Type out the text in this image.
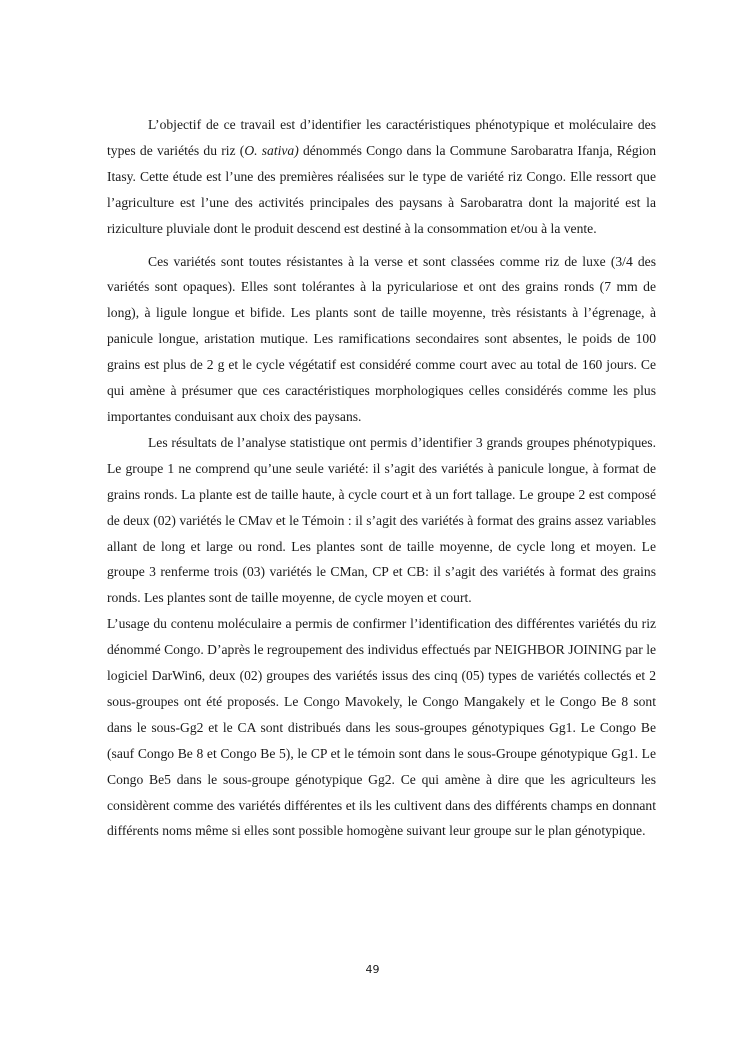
L’objectif de ce travail est d’identifier les caractéristiques phénotypique et moléculaire des types de variétés du riz (O. sativa) dénommés Congo dans la Commune Sarobaratra Ifanja, Région Itasy. Cette étude est l’une des premières réalisées sur le type de variété riz Congo. Elle ressort que l’agriculture est l’une des activités principales des paysans à Sarobaratra dont la majorité est la riziculture pluviale dont le produit descend est destiné à la consommation et/ou à la vente.

Ces variétés sont toutes résistantes à la verse et sont classées comme riz de luxe (3/4 des variétés sont opaques). Elles sont tolérantes à la pyriculariose et ont des grains ronds (7 mm de long), à ligule longue et bifide. Les plants sont de taille moyenne, très résistants à l’égrenage, à panicule longue, aristation mutique. Les ramifications secondaires sont absentes, le poids de 100 grains est plus de 2 g et le cycle végétatif est considéré comme court avec au total de 160 jours. Ce qui amène à présumer que ces caractéristiques morphologiques celles considérés comme les plus importantes conduisant aux choix des paysans.

Les résultats de l’analyse statistique ont permis d’identifier 3 grands groupes phénotypiques. Le groupe 1 ne comprend qu’une seule variété: il s’agit des variétés à panicule longue, à format de grains ronds. La plante est de taille haute, à cycle court et à un fort tallage. Le groupe 2 est composé de deux (02) variétés le CMav et le Témoin : il s’agit des variétés à format des grains assez variables allant de long et large ou rond. Les plantes sont de taille moyenne, de cycle long et moyen. Le groupe 3 renferme trois (03) variétés le CMan, CP et CB: il s’agit des variétés à format des grains ronds. Les plantes sont de taille moyenne, de cycle moyen et court.

L’usage du contenu moléculaire a permis de confirmer l’identification des différentes variétés du riz dénommé Congo. D’après le regroupement des individus effectués par NEIGHBOR JOINING par le logiciel DarWin6, deux (02) groupes des variétés issus des cinq (05) types de variétés collectés et 2 sous-groupes ont été proposés. Le Congo Mavokely, le Congo Mangakely et le Congo Be 8 sont dans le sous-Gg2 et le CA sont distribués dans les sous-groupes génotypiques Gg1. Le Congo Be (sauf Congo Be 8 et Congo Be 5), le CP et le témoin sont dans le sous-Groupe génotypique Gg1. Le Congo Be5 dans le sous-groupe génotypique Gg2. Ce qui amène à dire que les agriculteurs les considèrent comme des variétés différentes et ils les cultivent dans des différents champs en donnant différents noms même si elles sont possible homogène suivant leur groupe sur le plan génotypique.

49
